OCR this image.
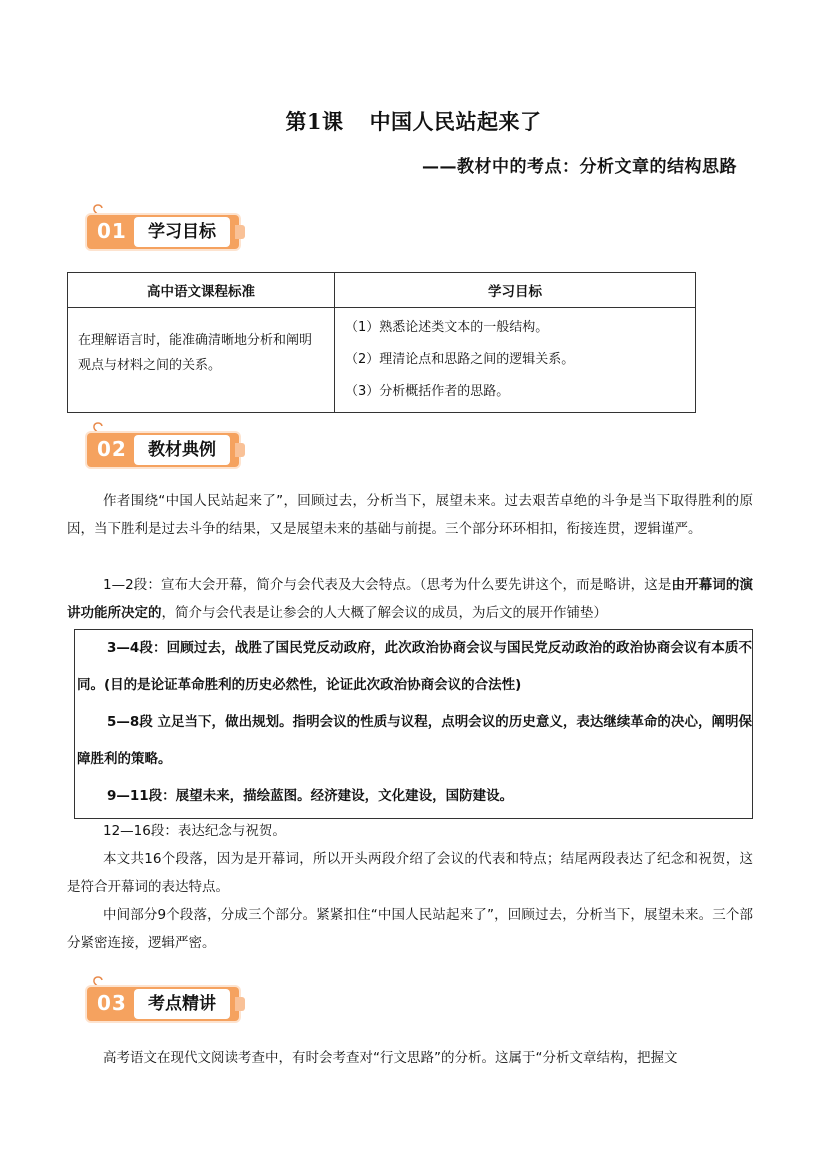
第1课 中国人民站起来了
——教材中的考点：分析文章的结构思路
01	学习目标
高中语文课程标准	学习目标
在理解语言时，能准确清晰地分析和阐明观点与材料之间的关系。	（1）熟悉论述类文本的一般结构。
（2）理清论点和思路之间的逻辑关系。
（3）分析概括作者的思路。
02	教材典例

作者围绕“中国人民站起来了”，回顾过去，分析当下，展望未来。过去艰苦卓绝的斗争是当下取得胜利的原因，当下胜利是过去斗争的结果，又是展望未来的基础与前提。三个部分环环相扣，衔接连贯，逻辑谨严。

1—2段：宣布大会开幕，简介与会代表及大会特点。（思考为什么要先讲这个，而是略讲，这是由开幕词的演讲功能所决定的，简介与会代表是让参会的人大概了解会议的成员，为后文的展开作铺垫）

3—4段：回顾过去，战胜了国民党反动政府，此次政治协商会议与国民党反动政治的政治协商会议有本质不同。(目的是论证革命胜利的历史必然性，论证此次政治协商会议的合法性)

5—8段 立足当下，做出规划。指明会议的性质与议程，点明会议的历史意义，表达继续革命的决心，阐明保障胜利的策略。

9—11段：展望未来，描绘蓝图。经济建设，文化建设，国防建设。

12—16段：表达纪念与祝贺。

本文共16个段落，因为是开幕词，所以开头两段介绍了会议的代表和特点；结尾两段表达了纪念和祝贺，这是符合开幕词的表达特点。

中间部分9个段落，分成三个部分。紧紧扣住“中国人民站起来了”，回顾过去，分析当下，展望未来。三个部分紧密连接，逻辑严密。

03	考点精讲

高考语文在现代文阅读考查中，有时会考查对“行文思路”的分析。这属于“分析文章结构，把握文
